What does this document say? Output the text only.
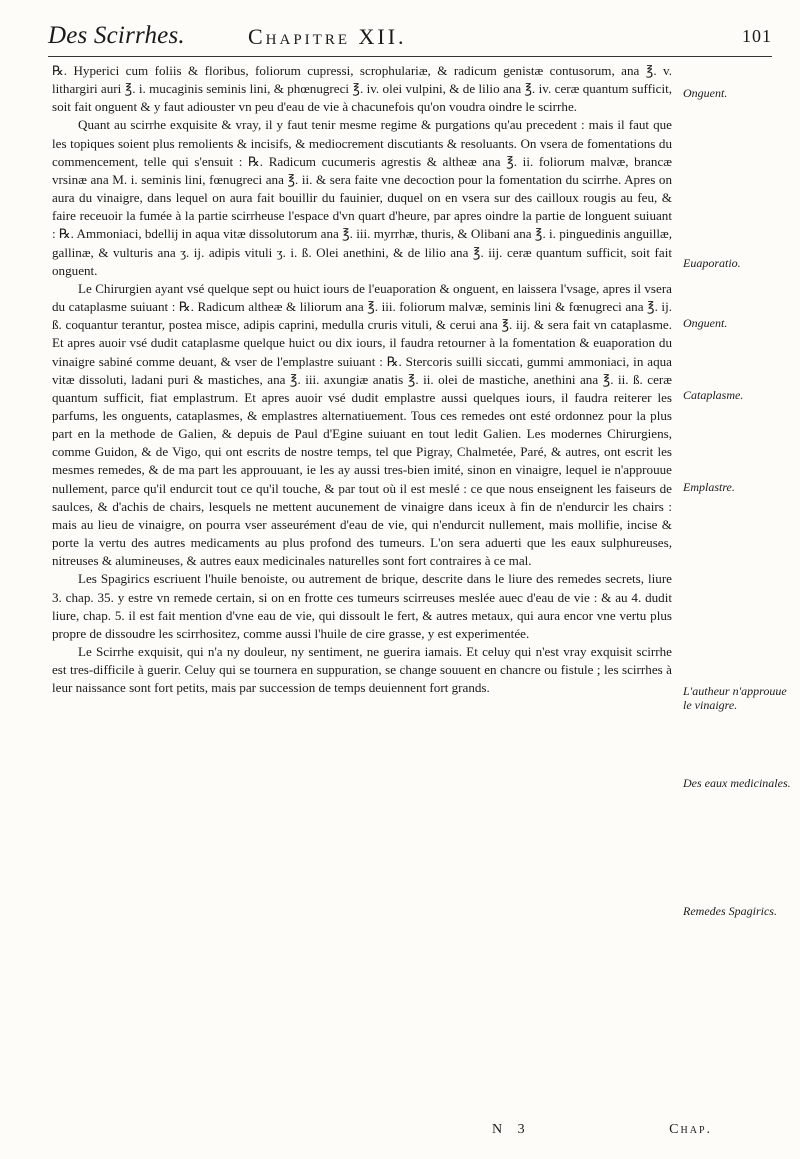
Des Scirrhes.	Chapitre XII.	101

℞. Hyperici cum foliis & floribus, foliorum cupressi, scrophulariæ, & radicum genistæ contusorum, ana ℥. v. lithargiri auri ℥. i. mucaginis seminis lini, & phœnugreci ℥. iv. olei vulpini, & de lilio ana ℥. iv. ceræ quantum sufficit, soit fait onguent & y faut adiouster vn peu d'eau de vie à chacunefois qu'on voudra oindre le scirrhe.

Quant au scirrhe exquisite & vray, il y faut tenir mesme regime & purgations qu'au precedent : mais il faut que les topiques soient plus remolients & incisifs, & mediocrement discutiants & resoluants. On vsera de fomentations du commencement, telle qui s'ensuit : ℞. Radicum cucumeris agrestis & altheæ ana ℥. ii. foliorum malvæ, brancæ vrsinæ ana M. i. seminis lini, fœnugreci ana ℥. ii. & sera faite vne decoction pour la fomentation du scirrhe. Apres on aura du vinaigre, dans lequel on aura fait bouillir du fauinier, duquel on en vsera sur des cailloux rougis au feu, & faire receuoir la fumée à la partie scirrheuse l'espace d'vn quart d'heure, par apres oindre la partie de longuent suiuant : ℞. Ammoniaci, bdellij in aqua vitæ dissolutorum ana ℥. iii. myrrhæ, thuris, & Olibani ana ℥. i. pinguedinis anguillæ, gallinæ, & vulturis ana ʒ. ij. adipis vituli ʒ. i. ß. Olei anethini, & de lilio ana ℥. iij. ceræ quantum sufficit, soit fait onguent.

Le Chirurgien ayant vsé quelque sept ou huict iours de l'euaporation & onguent, en laissera l'vsage, apres il vsera du cataplasme suiuant : ℞. Radicum altheæ & liliorum ana ℥. iii. foliorum malvæ, seminis lini & fœnugreci ana ℥. ij. ß. coquantur terantur, postea misce, adipis caprini, medulla cruris vituli, & cerui ana ℥. iij. & sera fait vn cataplasme. Et apres auoir vsé dudit cataplasme quelque huict ou dix iours, il faudra retourner à la fomentation & euaporation du vinaigre sabiné comme deuant, & vser de l'emplastre suiuant : ℞. Stercoris suilli siccati, gummi ammoniaci, in aqua vitæ dissoluti, ladani puri & mastiches, ana ℥. iii. axungiæ anatis ℥. ii. olei de mastiche, anethini ana ℥. ii. ß. ceræ quantum sufficit, fiat emplastrum. Et apres auoir vsé dudit emplastre aussi quelques iours, il faudra reiterer les parfums, les onguents, cataplasmes, & emplastres alternatiuement. Tous ces remedes ont esté ordonnez pour la plus part en la methode de Galien, & depuis de Paul d'Egine suiuant en tout ledit Galien. Les modernes Chirurgiens, comme Guidon, & de Vigo, qui ont escrits de nostre temps, tel que Pigray, Chalmetée, Paré, & autres, ont escrit les mesmes remedes, & de ma part les approuuant, ie les ay aussi tres-bien imité, sinon en vinaigre, lequel ie n'approuue nullement, parce qu'il endurcit tout ce qu'il touche, & par tout où il est meslé : ce que nous enseignent les faiseurs de saulces, & d'achis de chairs, lesquels ne mettent aucunement de vinaigre dans iceux à fin de n'endurcir les chairs : mais au lieu de vinaigre, on pourra vser asseurément d'eau de vie, qui n'endurcit nullement, mais mollifie, incise & porte la vertu des autres medicaments au plus profond des tumeurs. L'on sera aduerti que les eaux sulphureuses, nitreuses & alumineuses, & autres eaux medicinales naturelles sont fort contraires à ce mal.

Les Spagirics escriuent l'huile benoiste, ou autrement de brique, descrite dans le liure des remedes secrets, liure 3. chap. 35. y estre vn remede certain, si on en frotte ces tumeurs scirreuses meslée auec d'eau de vie : & au 4. dudit liure, chap. 5. il est fait mention d'vne eau de vie, qui dissoult le fert, & autres metaux, qui aura encor vne vertu plus propre de dissoudre les scirrhositez, comme aussi l'huile de cire grasse, y est experimentée.

Le Scirrhe exquisit, qui n'a ny douleur, ny sentiment, ne guerira iamais. Et celuy qui n'est vray exquisit scirrhe est tres-difficile à guerir. Celuy qui se tournera en suppuration, se change souuent en chancre ou fistule ; les scirrhes à leur naissance sont fort petits, mais par succession de temps deuiennent fort grands.

Onguent.
Euaporatio.
Onguent.
Cataplasme.
Emplastre.
L'autheur n'approuue le vinaigre.
Des eaux medicinales.
Remedes Spagirics.
N 3	Chap.
